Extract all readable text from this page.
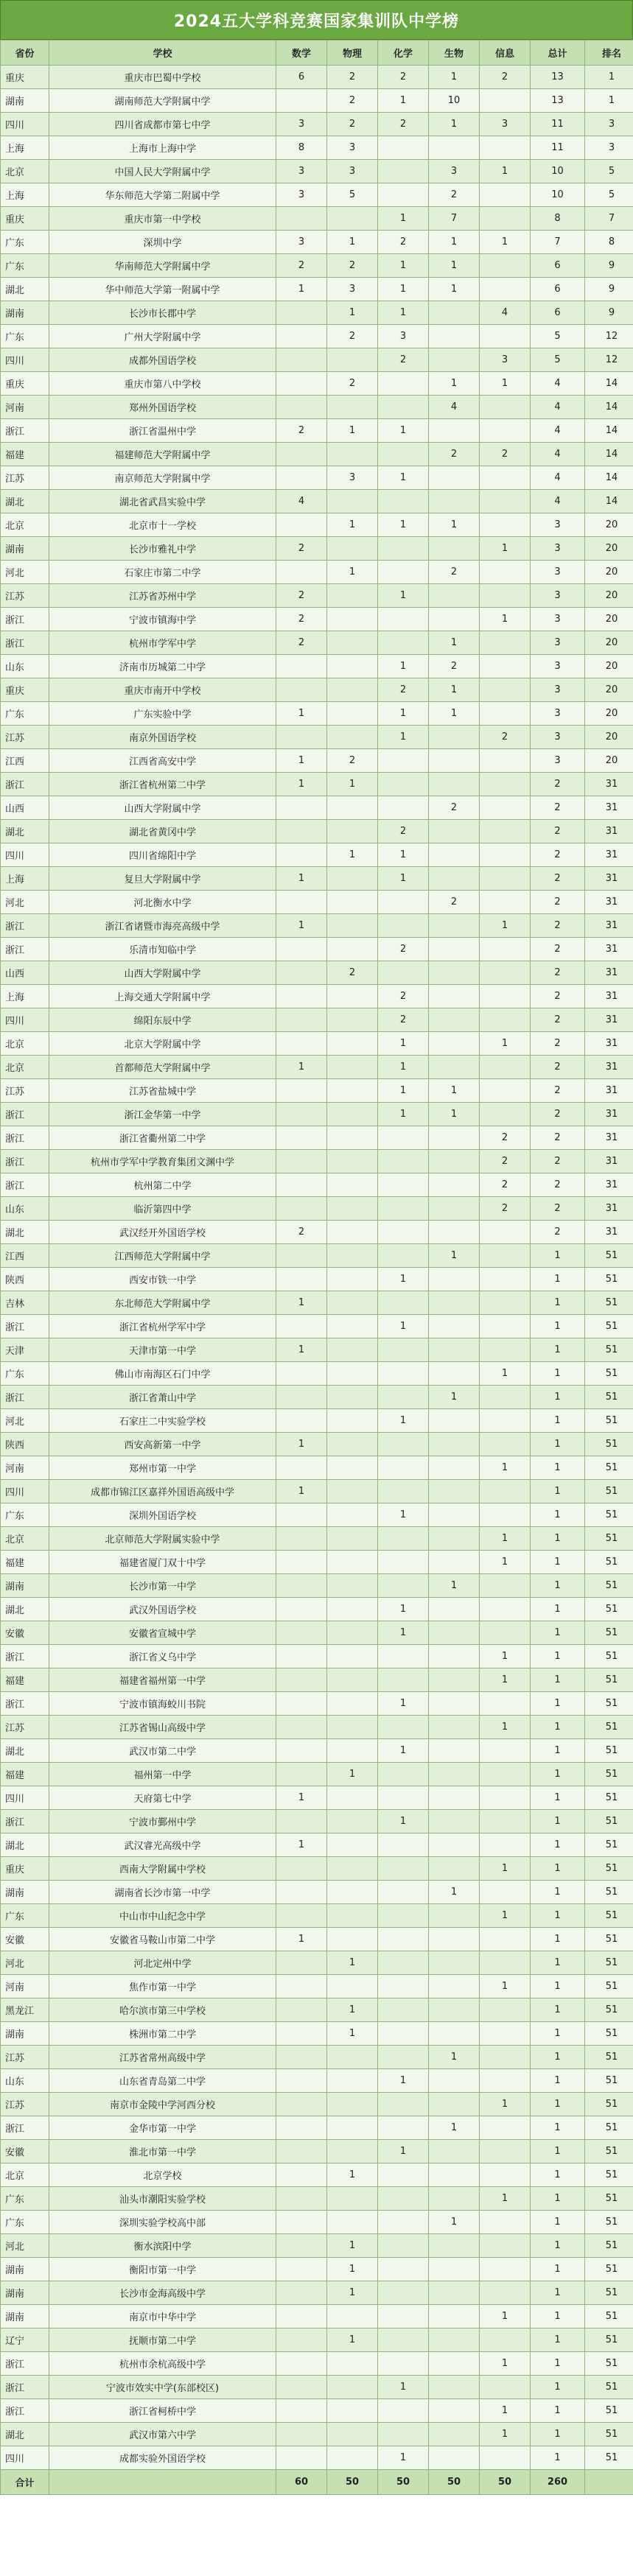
2024五大学科竞赛国家集训队中学榜
省份	学校	数学	物理	化学	生物	信息	总计	排名
重庆	重庆市巴蜀中学校	6	2	2	1	2	13	1
湖南	湖南师范大学附属中学		2	1	10		13	1
四川	四川省成都市第七中学	3	2	2	1	3	11	3
上海	上海市上海中学	8	3				11	3
北京	中国人民大学附属中学	3	3		3	1	10	5
上海	华东师范大学第二附属中学	3	5		2		10	5
重庆	重庆市第一中学校			1	7		8	7
广东	深圳中学	3	1	2	1	1	7	8
广东	华南师范大学附属中学	2	2	1	1		6	9
湖北	华中师范大学第一附属中学	1	3	1	1		6	9
湖南	长沙市长郡中学		1	1		4	6	9
广东	广州大学附属中学		2	3			5	12
四川	成都外国语学校			2		3	5	12
重庆	重庆市第八中学校		2		1	1	4	14
河南	郑州外国语学校				4		4	14
浙江	浙江省温州中学	2	1	1			4	14
福建	福建师范大学附属中学				2	2	4	14
江苏	南京师范大学附属中学		3	1			4	14
湖北	湖北省武昌实验中学	4					4	14
北京	北京市十一学校		1	1	1		3	20
湖南	长沙市雅礼中学	2				1	3	20
河北	石家庄市第二中学		1		2		3	20
江苏	江苏省苏州中学	2		1			3	20
浙江	宁波市镇海中学	2				1	3	20
浙江	杭州市学军中学	2			1		3	20
山东	济南市历城第二中学			1	2		3	20
重庆	重庆市南开中学校			2	1		3	20
广东	广东实验中学	1		1	1		3	20
江苏	南京外国语学校			1		2	3	20
江西	江西省高安中学	1	2				3	20
浙江	浙江省杭州第二中学	1	1				2	31
山西	山西大学附属中学				2		2	31
湖北	湖北省黄冈中学			2			2	31
四川	四川省绵阳中学		1	1			2	31
上海	复旦大学附属中学	1		1			2	31
河北	河北衡水中学				2		2	31
浙江	浙江省诸暨市海亮高级中学	1				1	2	31
浙江	乐清市知临中学			2			2	31
山西	山西大学附属中学		2				2	31
上海	上海交通大学附属中学			2			2	31
四川	绵阳东辰中学			2			2	31
北京	北京大学附属中学			1		1	2	31
北京	首都师范大学附属中学	1		1			2	31
江苏	江苏省盐城中学			1	1		2	31
浙江	浙江金华第一中学			1	1		2	31
浙江	浙江省衢州第二中学					2	2	31
浙江	杭州市学军中学教育集团文渊中学					2	2	31
浙江	杭州第二中学					2	2	31
山东	临沂第四中学					2	2	31
湖北	武汉经开外国语学校	2					2	31
江西	江西师范大学附属中学				1		1	51
陕西	西安市铁一中学			1			1	51
吉林	东北师范大学附属中学	1					1	51
浙江	浙江省杭州学军中学			1			1	51
天津	天津市第一中学	1					1	51
广东	佛山市南海区石门中学					1	1	51
浙江	浙江省萧山中学				1		1	51
河北	石家庄二中实验学校			1			1	51
陕西	西安高新第一中学	1					1	51
河南	郑州市第一中学					1	1	51
四川	成都市锦江区嘉祥外国语高级中学	1					1	51
广东	深圳外国语学校			1			1	51
北京	北京师范大学附属实验中学					1	1	51
福建	福建省厦门双十中学					1	1	51
湖南	长沙市第一中学				1		1	51
湖北	武汉外国语学校			1			1	51
安徽	安徽省宣城中学			1			1	51
浙江	浙江省义乌中学					1	1	51
福建	福建省福州第一中学					1	1	51
浙江	宁波市镇海蛟川书院			1			1	51
江苏	江苏省锡山高级中学					1	1	51
湖北	武汉市第二中学			1			1	51
福建	福州第一中学		1				1	51
四川	天府第七中学	1					1	51
浙江	宁波市鄞州中学			1			1	51
湖北	武汉睿光高级中学	1					1	51
重庆	西南大学附属中学校					1	1	51
湖南	湖南省长沙市第一中学				1		1	51
广东	中山市中山纪念中学					1	1	51
安徽	安徽省马鞍山市第二中学	1					1	51
河北	河北定州中学		1				1	51
河南	焦作市第一中学					1	1	51
黑龙江	哈尔滨市第三中学校		1				1	51
湖南	株洲市第二中学		1				1	51
江苏	江苏省常州高级中学				1		1	51
山东	山东省青岛第二中学			1			1	51
江苏	南京市金陵中学河西分校					1	1	51
浙江	金华市第一中学				1		1	51
安徽	淮北市第一中学			1			1	51
北京	北京学校		1				1	51
广东	汕头市潮阳实验学校					1	1	51
广东	深圳实验学校高中部				1		1	51
河北	衡水滨阳中学		1				1	51
湖南	衡阳市第一中学		1				1	51
湖南	长沙市金海高级中学		1				1	51
湖南	南京市中华中学					1	1	51
辽宁	抚顺市第二中学		1				1	51
浙江	杭州市余杭高级中学					1	1	51
浙江	宁波市效实中学(东部校区)			1			1	51
浙江	浙江省柯桥中学					1	1	51
湖北	武汉市第六中学					1	1	51
四川	成都实验外国语学校			1			1	51
合计		60	50	50	50	50	260	
